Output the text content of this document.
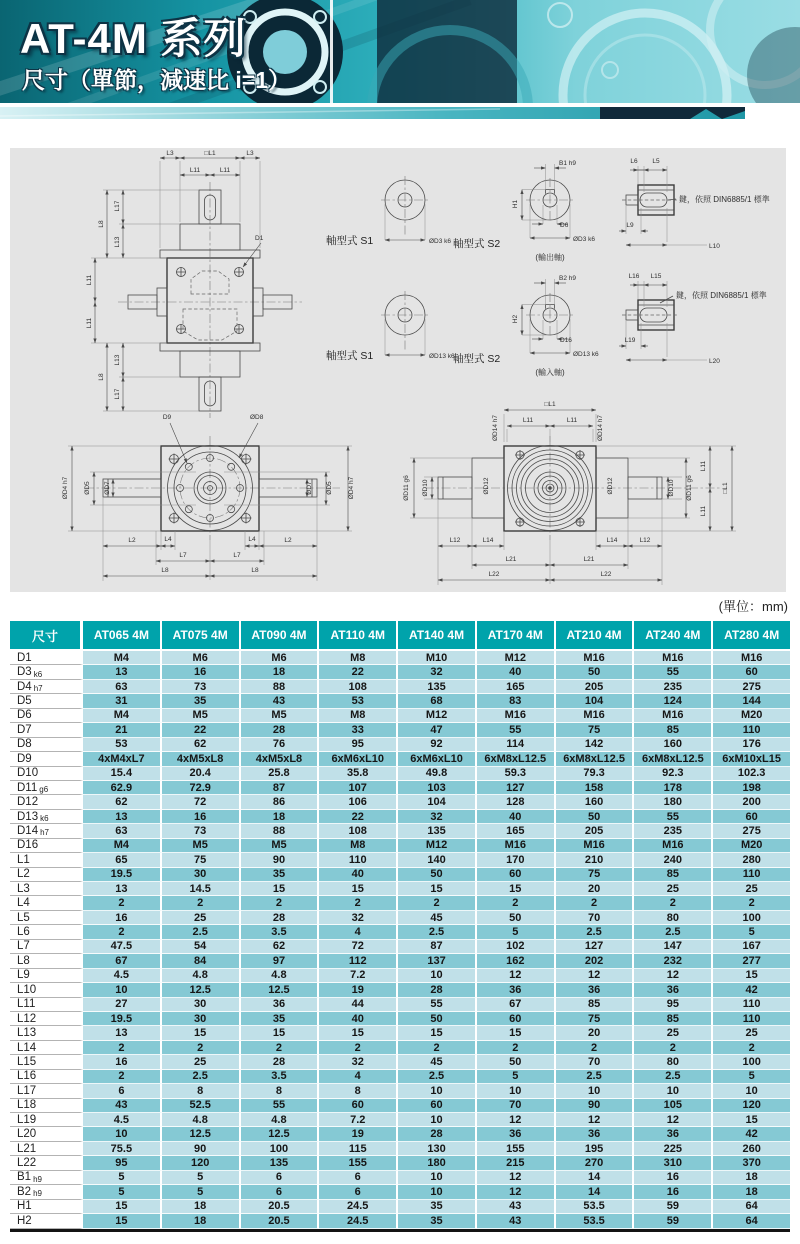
AT-4M 系列
尺寸（單節，減速比 i=1）
L3	□L1	L3
L11	L11
L17
L8
L13
L11
L11
L13
L8
L17
D1	軸型式 S1	ØD3 k6 軸型式 S2
(輸出軸)
B1 h9
H1
D6
ØD3 k6
L6 L5
L9
L10
鍵，依照 DIN6885/1 標準
軸型式 S1	ØD13 k6
軸型式 S2
(輸入軸)
B2 h9
H2
D16
ØD13 k6
L16 L15
L19
L20
鍵，依照 DIN6885/1 標準
D9	ØD8
ØD4 h7 ØD5 ØD7	ØD7 ØD5 ØD4 h7
L2	L4	L4	L2
L7	L7
L8	L8
□L1
L11	L11
ØD14 h7	ØD14 h7
ØD11 g6 ØD10	ØD12	ØD12	ØD10 ØD11 g6
L11
□L1
L11
L12	L14	L14	L12
L21	L21
L22	L22
(單位：mm)
尺寸	AT065 4M	AT075 4M	AT090 4M	AT110 4M	AT140 4M	AT170 4M	AT210 4M	AT240 4M	AT280 4M
D1	M4	M6	M6	M8	M10	M12	M16	M16	M16
D3 k6	13	16	18	22	32	40	50	55	60
D4 h7	63	73	88	108	135	165	205	235	275
D5	31	35	43	53	68	83	104	124	144
D6	M4	M5	M5	M8	M12	M16	M16	M16	M20
D7	21	22	28	33	47	55	75	85	110
D8	53	62	76	95	92	114	142	160	176
D9	4xM4xL7	4xM5xL8	4xM5xL8	6xM6xL10	6xM6xL10	6xM8xL12.5	6xM8xL12.5	6xM8xL12.5	6xM10xL15
D10	15.4	20.4	25.8	35.8	49.8	59.3	79.3	92.3	102.3
D11 g6	62.9	72.9	87	107	103	127	158	178	198
D12	62	72	86	106	104	128	160	180	200
D13 k6	13	16	18	22	32	40	50	55	60
D14 h7	63	73	88	108	135	165	205	235	275
D16	M4	M5	M5	M8	M12	M16	M16	M16	M20
L1	65	75	90	110	140	170	210	240	280
L2	19.5	30	35	40	50	60	75	85	110
L3	13	14.5	15	15	15	15	20	25	25
L4	2	2	2	2	2	2	2	2	2
L5	16	25	28	32	45	50	70	80	100
L6	2	2.5	3.5	4	2.5	5	2.5	2.5	5
L7	47.5	54	62	72	87	102	127	147	167
L8	67	84	97	112	137	162	202	232	277
L9	4.5	4.8	4.8	7.2	10	12	12	12	15
L10	10	12.5	12.5	19	28	36	36	36	42
L11	27	30	36	44	55	67	85	95	110
L12	19.5	30	35	40	50	60	75	85	110
L13	13	15	15	15	15	15	20	25	25
L14	2	2	2	2	2	2	2	2	2
L15	16	25	28	32	45	50	70	80	100
L16	2	2.5	3.5	4	2.5	5	2.5	2.5	5
L17	6	8	8	8	10	10	10	10	10
L18	43	52.5	55	60	60	70	90	105	120
L19	4.5	4.8	4.8	7.2	10	12	12	12	15
L20	10	12.5	12.5	19	28	36	36	36	42
L21	75.5	90	100	115	130	155	195	225	260
L22	95	120	135	155	180	215	270	310	370
B1 h9	5	5	6	6	10	12	14	16	18
B2 h9	5	5	6	6	10	12	14	16	18
H1	15	18	20.5	24.5	35	43	53.5	59	64
H2	15	18	20.5	24.5	35	43	53.5	59	64
